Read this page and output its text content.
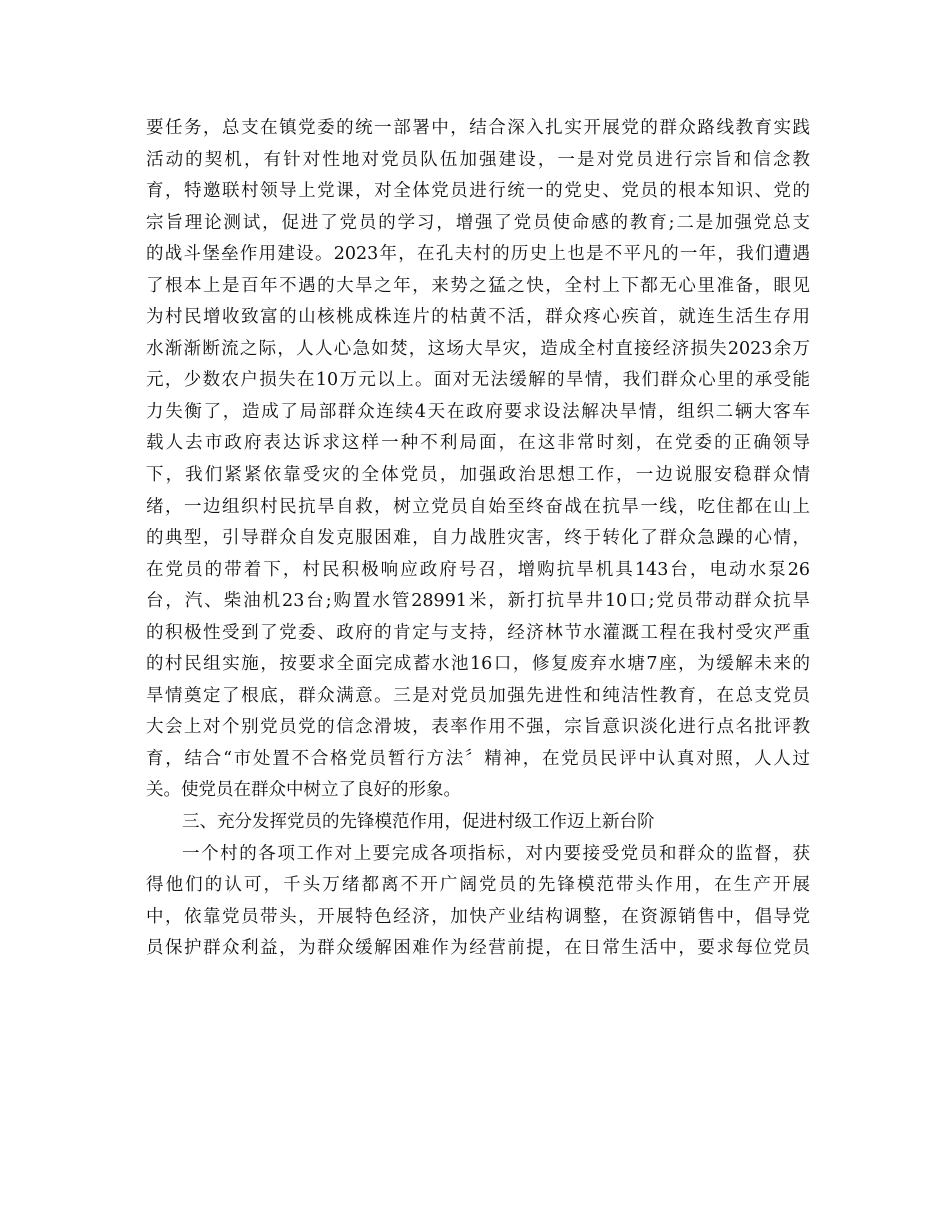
要任务，总支在镇党委的统一部署中，结合深入扎实开展党的群众路线教育实践
活动的契机，有针对性地对党员队伍加强建设，一是对党员进行宗旨和信念教
育，特邀联村领导上党课，对全体党员进行统一的党史、党员的根本知识、党的
宗旨理论测试，促进了党员的学习，增强了党员使命感的教育;二是加强党总支
的战斗堡垒作用建设。2023年，在孔夫村的历史上也是不平凡的一年，我们遭遇
了根本上是百年不遇的大旱之年，来势之猛之快，全村上下都无心里准备，眼见
为村民增收致富的山核桃成株连片的枯黄不活，群众疼心疾首，就连生活生存用
水渐渐断流之际，人人心急如焚，这场大旱灾，造成全村直接经济损失2023余万
元，少数农户损失在10万元以上。面对无法缓解的旱情，我们群众心里的承受能
力失衡了，造成了局部群众连续4天在政府要求设法解决旱情，组织二辆大客车
载人去市政府表达诉求这样一种不利局面，在这非常时刻，在党委的正确领导
下，我们紧紧依靠受灾的全体党员，加强政治思想工作，一边说服安稳群众情
绪，一边组织村民抗旱自救，树立党员自始至终奋战在抗旱一线，吃住都在山上
的典型，引导群众自发克服困难，自力战胜灾害，终于转化了群众急躁的心情，
在党员的带着下，村民积极响应政府号召，增购抗旱机具143台，电动水泵26
台，汽、柴油机23台;购置水管28991米，新打抗旱井10口;党员带动群众抗旱
的积极性受到了党委、政府的肯定与支持，经济林节水灌溉工程在我村受灾严重
的村民组实施，按要求全面完成蓄水池16口，修复废弃水塘7座，为缓解未来的
旱情奠定了根底，群众满意。三是对党员加强先进性和纯洁性教育，在总支党员
大会上对个别党员党的信念滑坡，表率作用不强，宗旨意识淡化进行点名批评教
育，结合“市处置不合格党员暂行方法〞精神，在党员民评中认真对照，人人过
关。使党员在群众中树立了良好的形象。
三、充分发挥党员的先锋模范作用，促进村级工作迈上新台阶
一个村的各项工作对上要完成各项指标，对内要接受党员和群众的监督，获
得他们的认可，千头万绪都离不开广阔党员的先锋模范带头作用，在生产开展
中，依靠党员带头，开展特色经济，加快产业结构调整，在资源销售中，倡导党
员保护群众利益，为群众缓解困难作为经营前提，在日常生活中，要求每位党员
